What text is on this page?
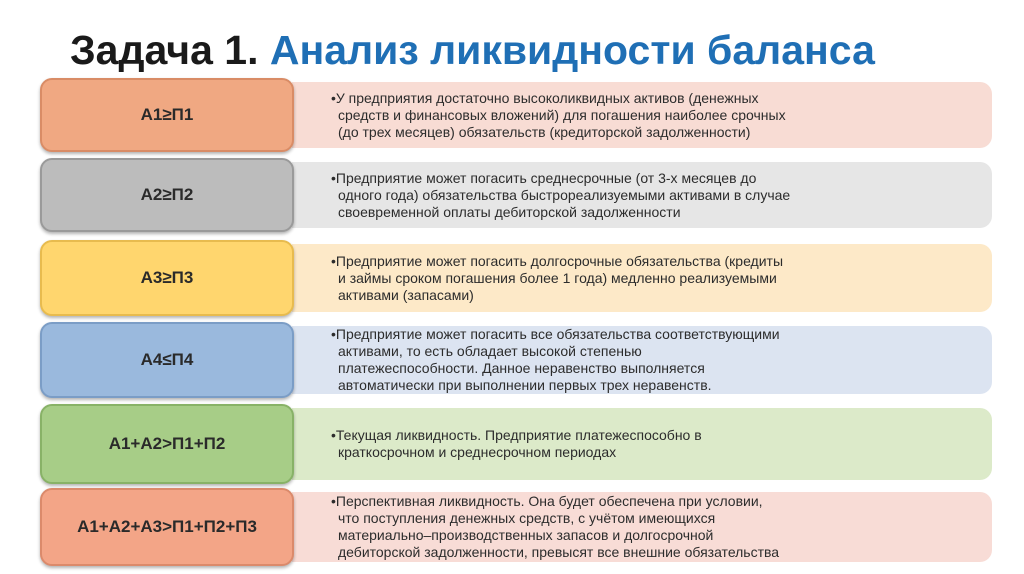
Задача 1. Анализ ликвидности баланса
•У предприятия достаточно высоколиквидных активов (денежных
средств и финансовых вложений) для погашения наиболее срочных
(до трех месяцев) обязательств (кредиторской задолженности)
А1≥П1
•Предприятие может погасить среднесрочные (от 3-х месяцев до
одного года) обязательства быстрореализуемыми активами в случае
своевременной оплаты дебиторской задолженности
А2≥П2
•Предприятие может погасить долгосрочные обязательства (кредиты
и займы сроком погашения более 1 года) медленно реализуемыми
активами (запасами)
А3≥П3
•Предприятие может погасить все обязательства соответствующими
активами, то есть обладает высокой степенью
платежеспособности. Данное неравенство выполняется
автоматически при выполнении первых трех неравенств.
А4≤П4
•Текущая ликвидность. Предприятие платежеспособно в
краткосрочном и среднесрочном периодах
А1+А2>П1+П2
•Перспективная ликвидность. Она будет обеспечена при условии,
что поступления денежных средств, с учётом имеющихся
материально–производственных запасов и долгосрочной
дебиторской задолженности, превысят все внешние обязательства
А1+А2+А3>П1+П2+П3
